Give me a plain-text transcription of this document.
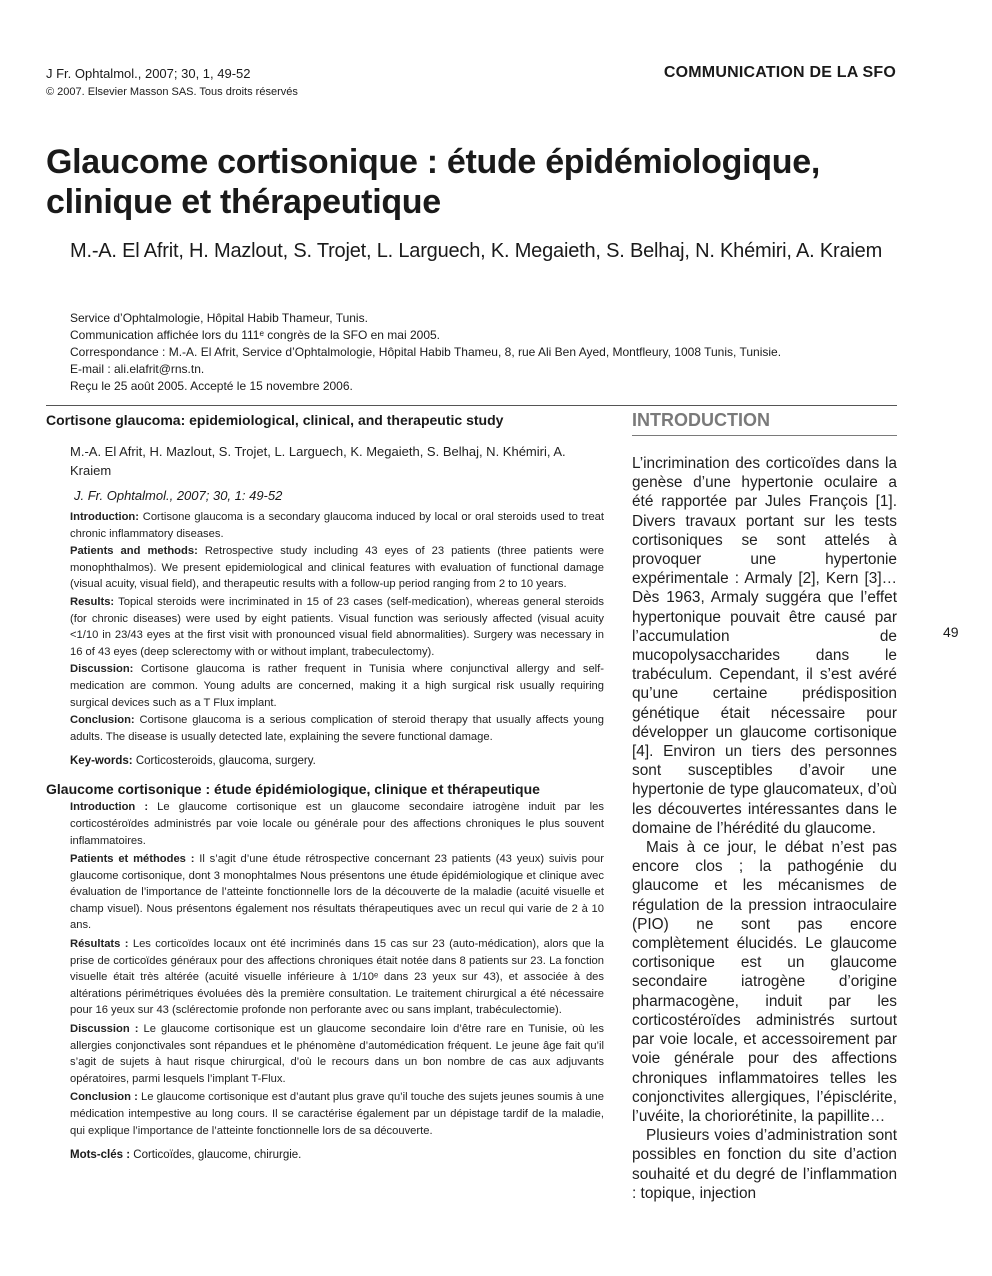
J Fr. Ophtalmol., 2007; 30, 1, 49-52
© 2007. Elsevier Masson SAS. Tous droits réservés
COMMUNICATION DE LA SFO
Glaucome cortisonique : étude épidémiologique, clinique et thérapeutique
M.-A. El Afrit, H. Mazlout, S. Trojet, L. Larguech, K. Megaieth, S. Belhaj, N. Khémiri, A. Kraiem
Service d’Ophtalmologie, Hôpital Habib Thameur, Tunis.
Communication affichée lors du 111ᵉ congrès de la SFO en mai 2005.
Correspondance : M.-A. El Afrit, Service d’Ophtalmologie, Hôpital Habib Thameu, 8, rue Ali Ben Ayed, Montfleury, 1008 Tunis, Tunisie.
E-mail : ali.elafrit@rns.tn.
Reçu le 25 août 2005. Accepté le 15 novembre 2006.
Cortisone glaucoma: epidemiological, clinical, and therapeutic study
M.-A. El Afrit, H. Mazlout, S. Trojet, L. Larguech, K. Megaieth, S. Belhaj, N. Khémiri, A. Kraiem
J. Fr. Ophtalmol., 2007; 30, 1: 49-52

Introduction: Cortisone glaucoma is a secondary glaucoma induced by local or oral steroids used to treat chronic inflammatory diseases.

Patients and methods: Retrospective study including 43 eyes of 23 patients (three patients were monophthalmos). We present epidemiological and clinical features with evaluation of functional damage (visual acuity, visual field), and therapeutic results with a follow-up period ranging from 2 to 10 years.

Results: Topical steroids were incriminated in 15 of 23 cases (self-medication), whereas general steroids (for chronic diseases) were used by eight patients. Visual function was seriously affected (visual acuity <1/10 in 23/43 eyes at the first visit with pronounced visual field abnormalities). Surgery was necessary in 16 of 43 eyes (deep sclerectomy with or without implant, trabeculectomy).

Discussion: Cortisone glaucoma is rather frequent in Tunisia where conjunctival allergy and self-medication are common. Young adults are concerned, making it a high surgical risk usually requiring surgical devices such as a T Flux implant.

Conclusion: Cortisone glaucoma is a serious complication of steroid therapy that usually affects young adults. The disease is usually detected late, explaining the severe functional damage.

Key-words: Corticosteroids, glaucoma, surgery.
Glaucome cortisonique : étude épidémiologique, clinique et thérapeutique

Introduction : Le glaucome cortisonique est un glaucome secondaire iatrogène induit par les corticostéroïdes administrés par voie locale ou générale pour des affections chroniques le plus souvent inflammatoires.

Patients et méthodes : Il s’agit d’une étude rétrospective concernant 23 patients (43 yeux) suivis pour glaucome cortisonique, dont 3 monophtalmes Nous présentons une étude épidémiologique et clinique avec évaluation de l’importance de l’atteinte fonctionnelle lors de la découverte de la maladie (acuité visuelle et champ visuel). Nous présentons également nos résultats thérapeutiques avec un recul qui varie de 2 à 10 ans.

Résultats : Les corticoïdes locaux ont été incriminés dans 15 cas sur 23 (auto-médication), alors que la prise de corticoïdes généraux pour des affections chroniques était notée dans 8 patients sur 23. La fonction visuelle était très altérée (acuité visuelle inférieure à 1/10ᵉ dans 23 yeux sur 43), et associée à des altérations périmétriques évoluées dès la première consultation. Le traitement chirurgical a été nécessaire pour 16 yeux sur 43 (sclérectomie profonde non perforante avec ou sans implant, trabéculectomie).

Discussion : Le glaucome cortisonique est un glaucome secondaire loin d’être rare en Tunisie, où les allergies conjonctivales sont répandues et le phénomène d’automédication fréquent. Le jeune âge fait qu’il s’agit de sujets à haut risque chirurgical, d’où le recours dans un bon nombre de cas aux adjuvants opératoires, parmi lesquels l’implant T-Flux.

Conclusion : Le glaucome cortisonique est d’autant plus grave qu’il touche des sujets jeunes soumis à une médication intempestive au long cours. Il se caractérise également par un dépistage tardif de la maladie, qui explique l’importance de l’atteinte fonctionnelle lors de sa découverte.

Mots-clés : Corticoïdes, glaucome, chirurgie.
INTRODUCTION

L’incrimination des corticoïdes dans la genèse d’une hypertonie oculaire a été rapportée par Jules François [1]. Divers travaux portant sur les tests cortisoniques se sont attelés à provoquer une hypertonie expérimentale : Armaly [2], Kern [3]… Dès 1963, Armaly suggéra que l’effet hypertonique pouvait être causé par l’accumulation de mucopolysaccharides dans le trabéculum. Cependant, il s’est avéré qu’une certaine prédisposition génétique était nécessaire pour développer un glaucome cortisonique [4]. Environ un tiers des personnes sont susceptibles d’avoir une hypertonie de type glaucomateux, d’où les découvertes intéressantes dans le domaine de l’hérédité du glaucome.

Mais à ce jour, le débat n’est pas encore clos ; la pathogénie du glaucome et les mécanismes de régulation de la pression intraoculaire (PIO) ne sont pas encore complètement élucidés. Le glaucome cortisonique est un glaucome secondaire iatrogène d’origine pharmacogène, induit par les corticostéroïdes administrés surtout par voie locale, et accessoirement par voie générale pour des affections chroniques inflammatoires telles les conjonctivites allergiques, l’épisclérite, l’uvéite, la choriorétinite, la papillite…

Plusieurs voies d’administration sont possibles en fonction du site d’action souhaité et du degré de l’inflammation : topique, injection

49
